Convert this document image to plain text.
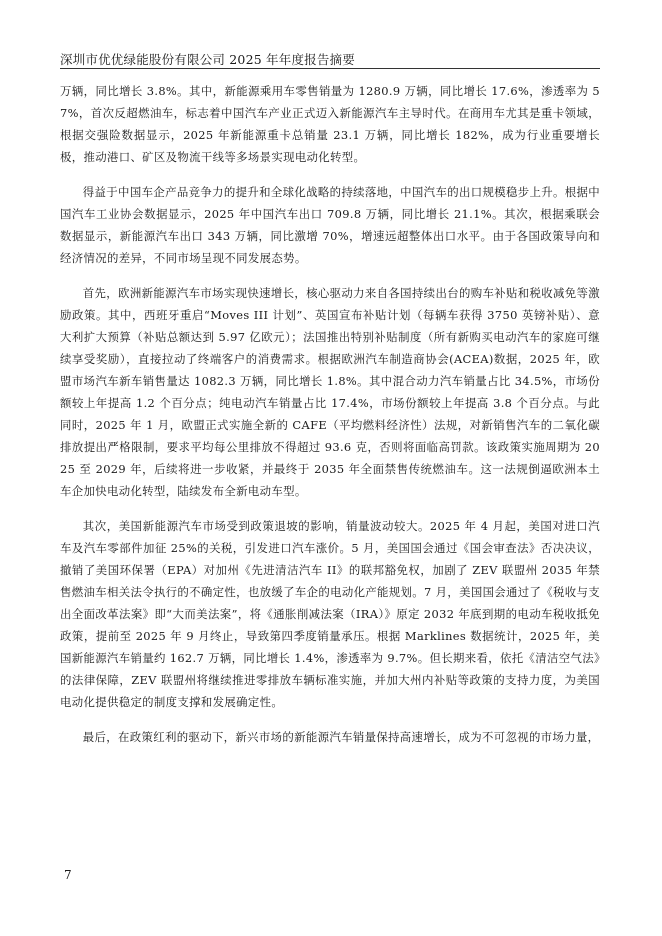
深圳市优优绿能股份有限公司 2025 年年度报告摘要

万辆，同比增长 3.8%。其中，新能源乘用车零售销量为 1280.9 万辆，同比增长 17.6%，渗透率为 57%，首次反超燃油车，标志着中国汽车产业正式迈入新能源汽车主导时代。在商用车尤其是重卡领域，根据交强险数据显示，2025 年新能源重卡总销量 23.1 万辆，同比增长 182%，成为行业重要增长极，推动港口、矿区及物流干线等多场景实现电动化转型。

得益于中国车企产品竞争力的提升和全球化战略的持续落地，中国汽车的出口规模稳步上升。根据中国汽车工业协会数据显示，2025 年中国汽车出口 709.8 万辆，同比增长 21.1%。其次，根据乘联会数据显示，新能源汽车出口 343 万辆，同比激增 70%，增速远超整体出口水平。由于各国政策导向和经济情况的差异，不同市场呈现不同发展态势。

首先，欧洲新能源汽车市场实现快速增长，核心驱动力来自各国持续出台的购车补贴和税收减免等激励政策。其中，西班牙重启“Moves III 计划”、英国宣布补贴计划（每辆车获得 3750 英镑补贴）、意大利扩大预算（补贴总额达到 5.97 亿欧元）；法国推出特别补贴制度（所有新购买电动汽车的家庭可继续享受奖励），直接拉动了终端客户的消费需求。根据欧洲汽车制造商协会(ACEA)数据，2025 年，欧盟市场汽车新车销售量达 1082.3 万辆，同比增长 1.8%。其中混合动力汽车销量占比 34.5%，市场份额较上年提高 1.2 个百分点；纯电动汽车销量占比 17.4%，市场份额较上年提高 3.8 个百分点。与此同时，2025 年 1 月，欧盟正式实施全新的 CAFE（平均燃料经济性）法规，对新销售汽车的二氧化碳排放提出严格限制，要求平均每公里排放不得超过 93.6 克，否则将面临高罚款。该政策实施周期为 2025 至 2029 年，后续将进一步收紧，并最终于 2035 年全面禁售传统燃油车。这一法规倒逼欧洲本土车企加快电动化转型，陆续发布全新电动车型。

其次，美国新能源汽车市场受到政策退坡的影响，销量波动较大。2025 年 4 月起，美国对进口汽车及汽车零部件加征 25%的关税，引发进口汽车涨价。5 月，美国国会通过《国会审查法》否决决议，撤销了美国环保署（EPA）对加州《先进清洁汽车 II》的联邦豁免权，加剧了 ZEV 联盟州 2035 年禁售燃油车相关法令执行的不确定性，也放缓了车企的电动化产能规划。7 月，美国国会通过了《税收与支出全面改革法案》即“大而美法案”，将《通胀削减法案（IRA）》原定 2032 年底到期的电动车税收抵免政策，提前至 2025 年 9 月终止，导致第四季度销量承压。根据 Marklines 数据统计，2025 年，美国新能源汽车销量约 162.7 万辆，同比增长 1.4%，渗透率为 9.7%。但长期来看，依托《清洁空气法》的法律保障，ZEV 联盟州将继续推进零排放车辆标准实施，并加大州内补贴等政策的支持力度，为美国电动化提供稳定的制度支撑和发展确定性。

最后，在政策红利的驱动下，新兴市场的新能源汽车销量保持高速增长，成为不可忽视的市场力量，

7
